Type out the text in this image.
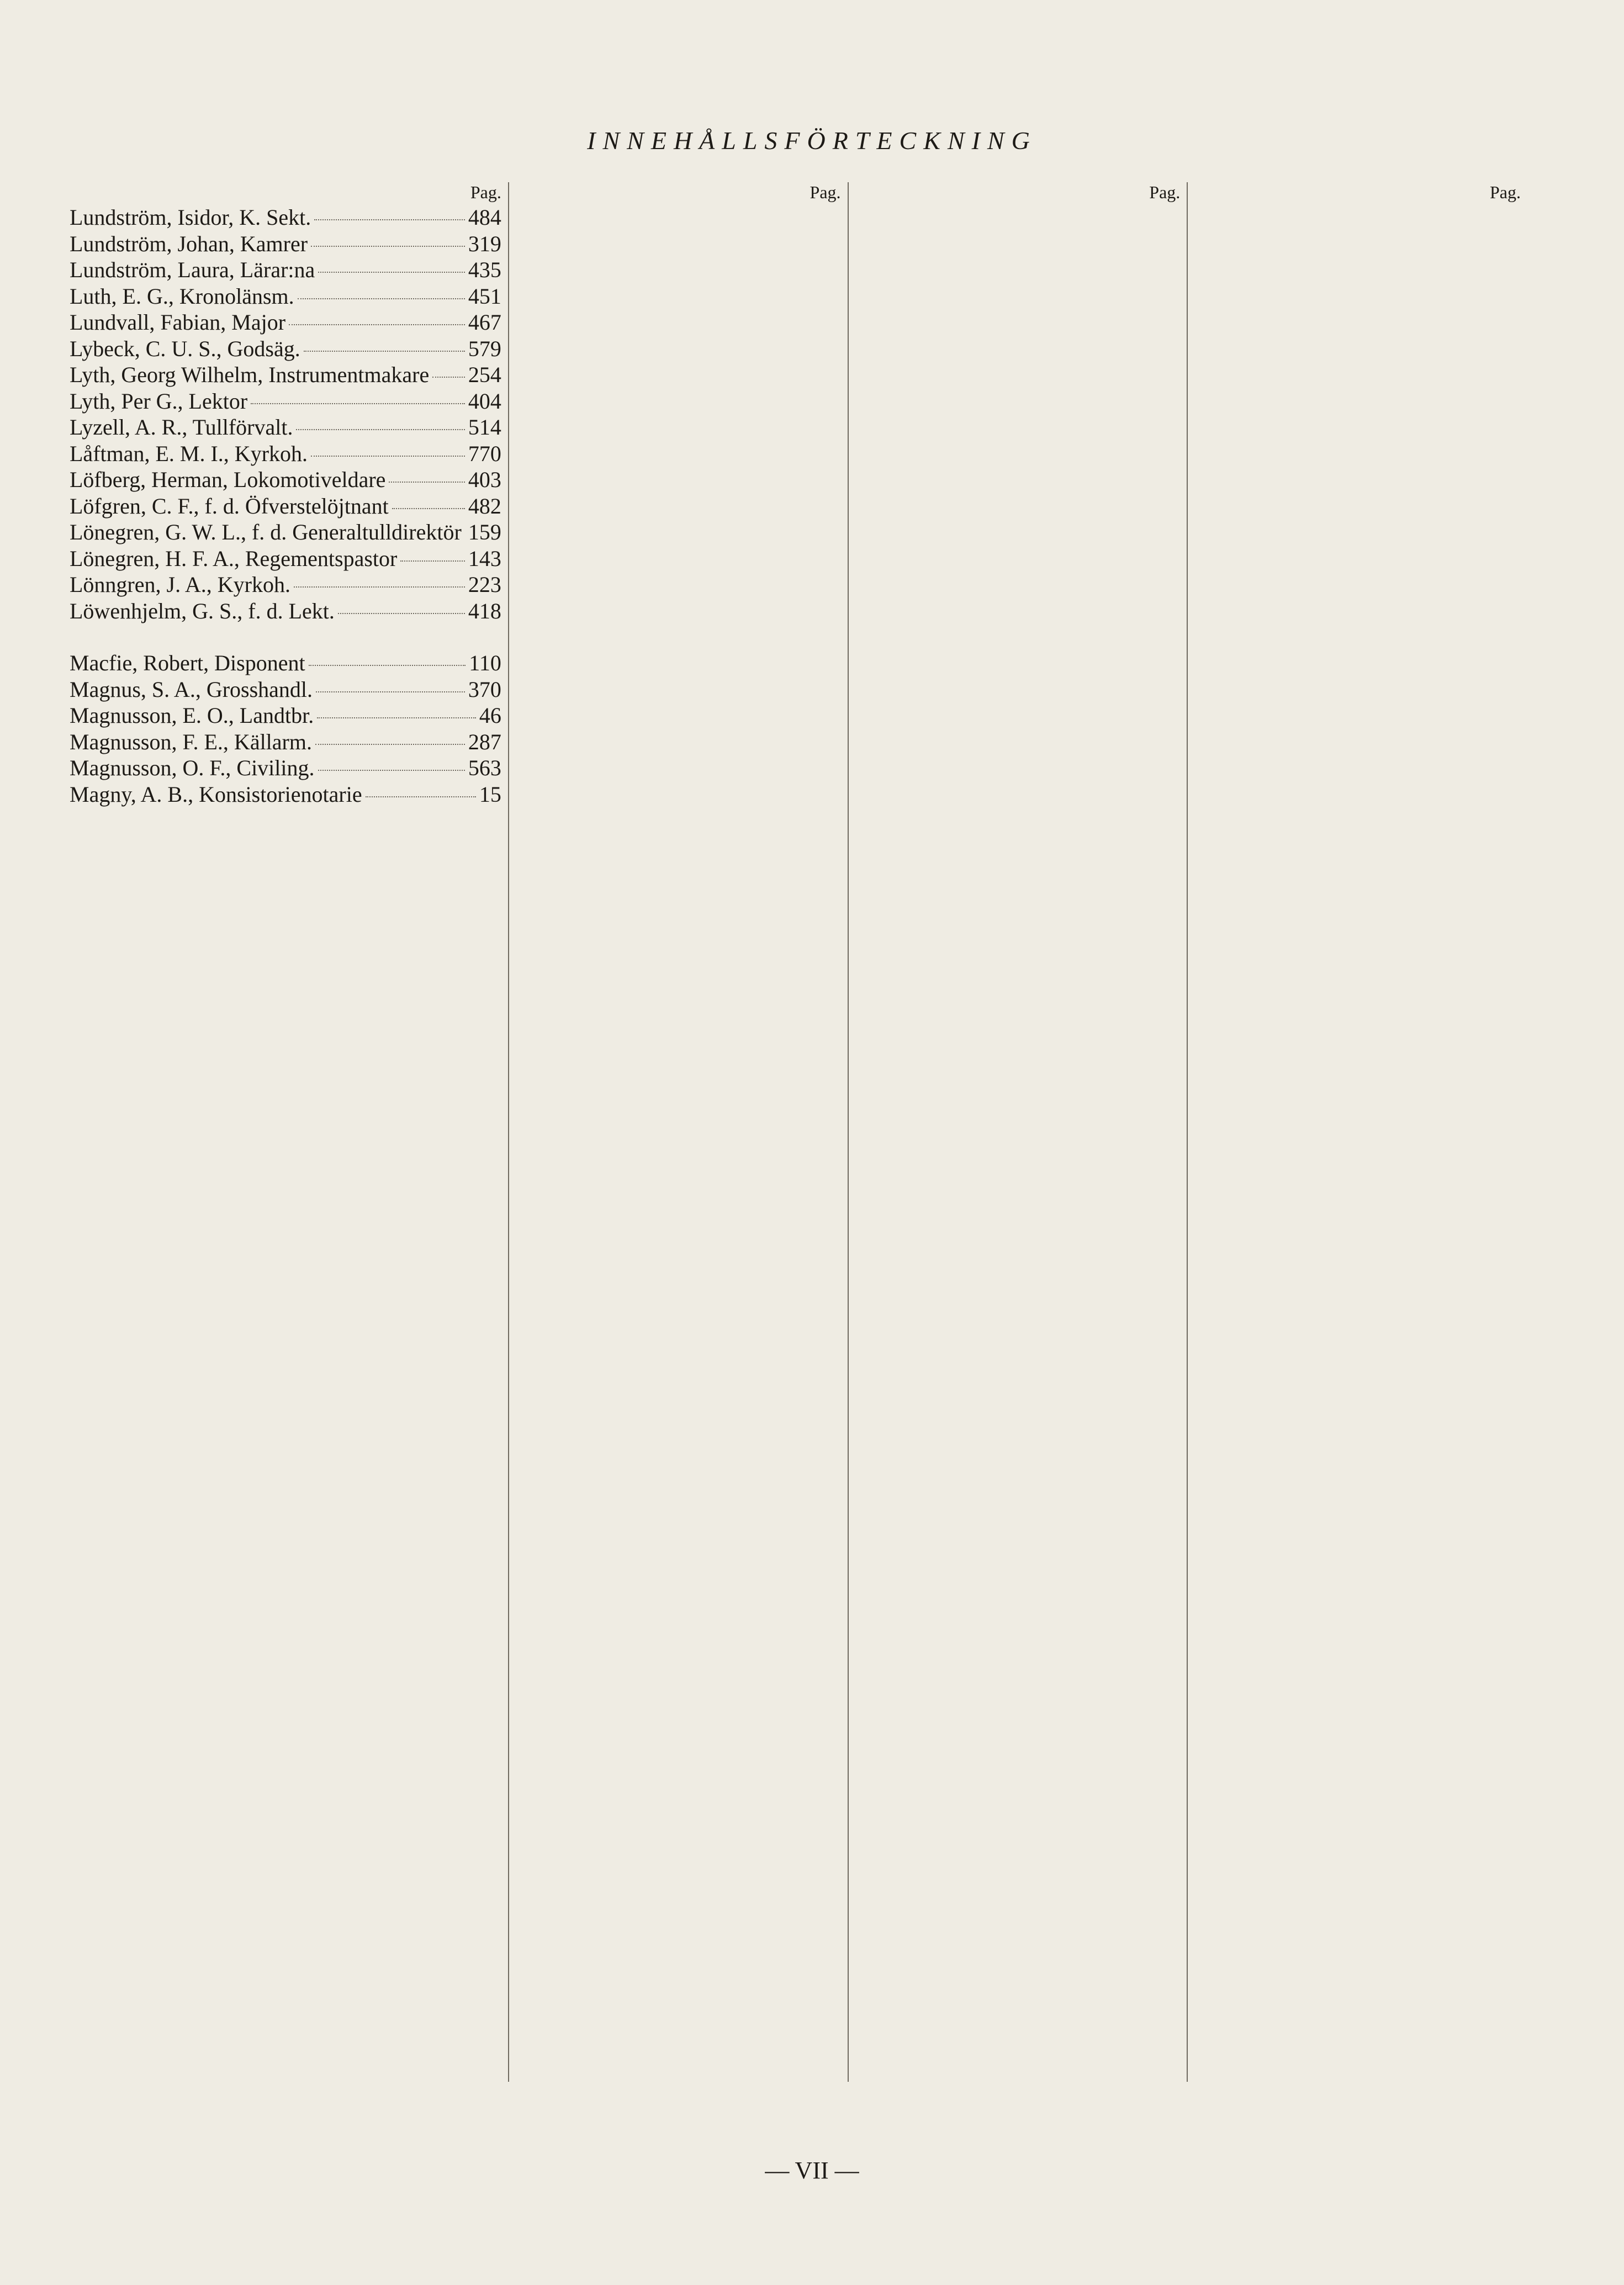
INNEHÅLLSFÖRTECKNING
Pag.
Lundström, Isidor, K. Sekt.	484
Lundström, Johan, Kamrer	319
Lundström, Laura, Lärar:na	435
Luth, E. G., Kronolänsm.	451
Lundvall, Fabian, Major	467
Lybeck, C. U. S., Godsäg.	579
Lyth, Georg Wilhelm, Instrumentmakare 254
Lyth, Per G., Lektor	404
Lyzell, A. R., Tullförvalt.	514
Låftman, E. M. I., Kyrkoh.	770
Löfberg, Herman, Lokomotiveldare	403
Löfgren, C. F., f. d. Öfverstelöjtnant	482
Lönegren, G. W. L., f. d. Generaltulldirektör 159
Lönegren, H. F. A., Regementspastor	143
Lönngren, J. A., Kyrkoh.	223
Löwenhjelm, G. S., f. d. Lekt.	418
Macfie, Robert, Disponent	110
Magnus, S. A., Grosshandl.	370
Magnusson, E. O., Landtbr.	46
Magnusson, F. E., Källarm.	287
Magnusson, O. F., Civiling.	563
Magny, A. B., Konsistorienotarie	15
Pag.	Pag.	Pag.
— VII —
